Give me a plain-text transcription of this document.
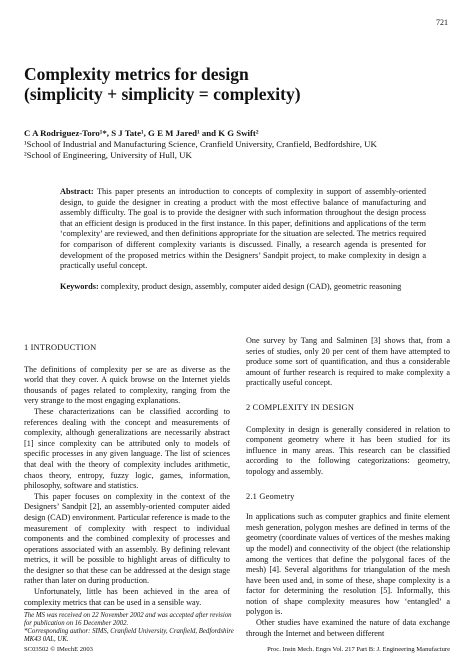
721
Complexity metrics for design
(simplicity + simplicity = complexity)
C A Rodriguez-Toro¹*, S J Tate¹, G E M Jared¹ and K G Swift²
¹School of Industrial and Manufacturing Science, Cranfield University, Cranfield, Bedfordshire, UK
²School of Engineering, University of Hull, UK

Abstract: This paper presents an introduction to concepts of complexity in support of assembly-oriented design, to guide the designer in creating a product with the most effective balance of manufacturing and assembly difficulty. The goal is to provide the designer with such information throughout the design process that an efficient design is produced in the first instance. In this paper, definitions and applications of the term ‘complexity’ are reviewed, and then definitions appropriate for the situation are selected. The metrics required for comparison of different complexity variants is discussed. Finally, a research agenda is presented for development of the proposed metrics within the Designers’ Sandpit project, to make complexity in design a practically useful concept.

Keywords: complexity, product design, assembly, computer aided design (CAD), geometric reasoning

1 INTRODUCTION

The definitions of complexity per se are as diverse as the world that they cover. A quick browse on the Internet yields thousands of pages related to complexity, ranging from the very strange to the most engaging explanations.

These characterizations can be classified according to references dealing with the concept and measurements of complexity, although generalizations are necessarily abstract [1] since complexity can be attributed only to models of specific processes in any given language. The list of sciences that deal with the theory of complexity includes arithmetic, chaos theory, entropy, fuzzy logic, games, information, philosophy, software and statistics.

This paper focuses on complexity in the context of the Designers’ Sandpit [2], an assembly-oriented computer aided design (CAD) environment. Particular reference is made to the measurement of complexity with respect to individual components and the combined complexity of processes and operations associated with an assembly. By defining relevant metrics, it will be possible to highlight areas of difficulty to the designer so that these can be addressed at the design stage rather than later on during production.

Unfortunately, little has been achieved in the area of complexity metrics that can be used in a sensible way.

One survey by Tang and Salminen [3] shows that, from a series of studies, only 20 per cent of them have attempted to produce some sort of quantification, and thus a considerable amount of further research is required to make complexity a practically useful concept.

2 COMPLEXITY IN DESIGN

Complexity in design is generally considered in relation to component geometry where it has been studied for its influence in many areas. This research can be classified according to the following categorizations: geometry, topology and assembly.

2.1 Geometry

In applications such as computer graphics and finite element mesh generation, polygon meshes are defined in terms of the geometry (coordinate values of vertices of the meshes making up the model) and connectivity of the object (the relationship among the vertices that define the polygonal faces of the mesh) [4]. Several algorithms for triangulation of the mesh have been used and, in some of these, shape complexity is a factor for determining the resolution [5]. Informally, this notion of shape complexity measures how ‘entangled’ a polygon is.

Other studies have examined the nature of data exchange through the Internet and between different

The MS was received on 22 November 2002 and was accepted after revision for publication on 16 December 2002.

*Corresponding author: SIMS, Cranfield University, Cranfield, Bedfordshire MK43 0AL, UK.

SC03502 © IMechE 2003	Proc. Instn Mech. Engrs Vol. 217 Part B: J. Engineering Manufacture
